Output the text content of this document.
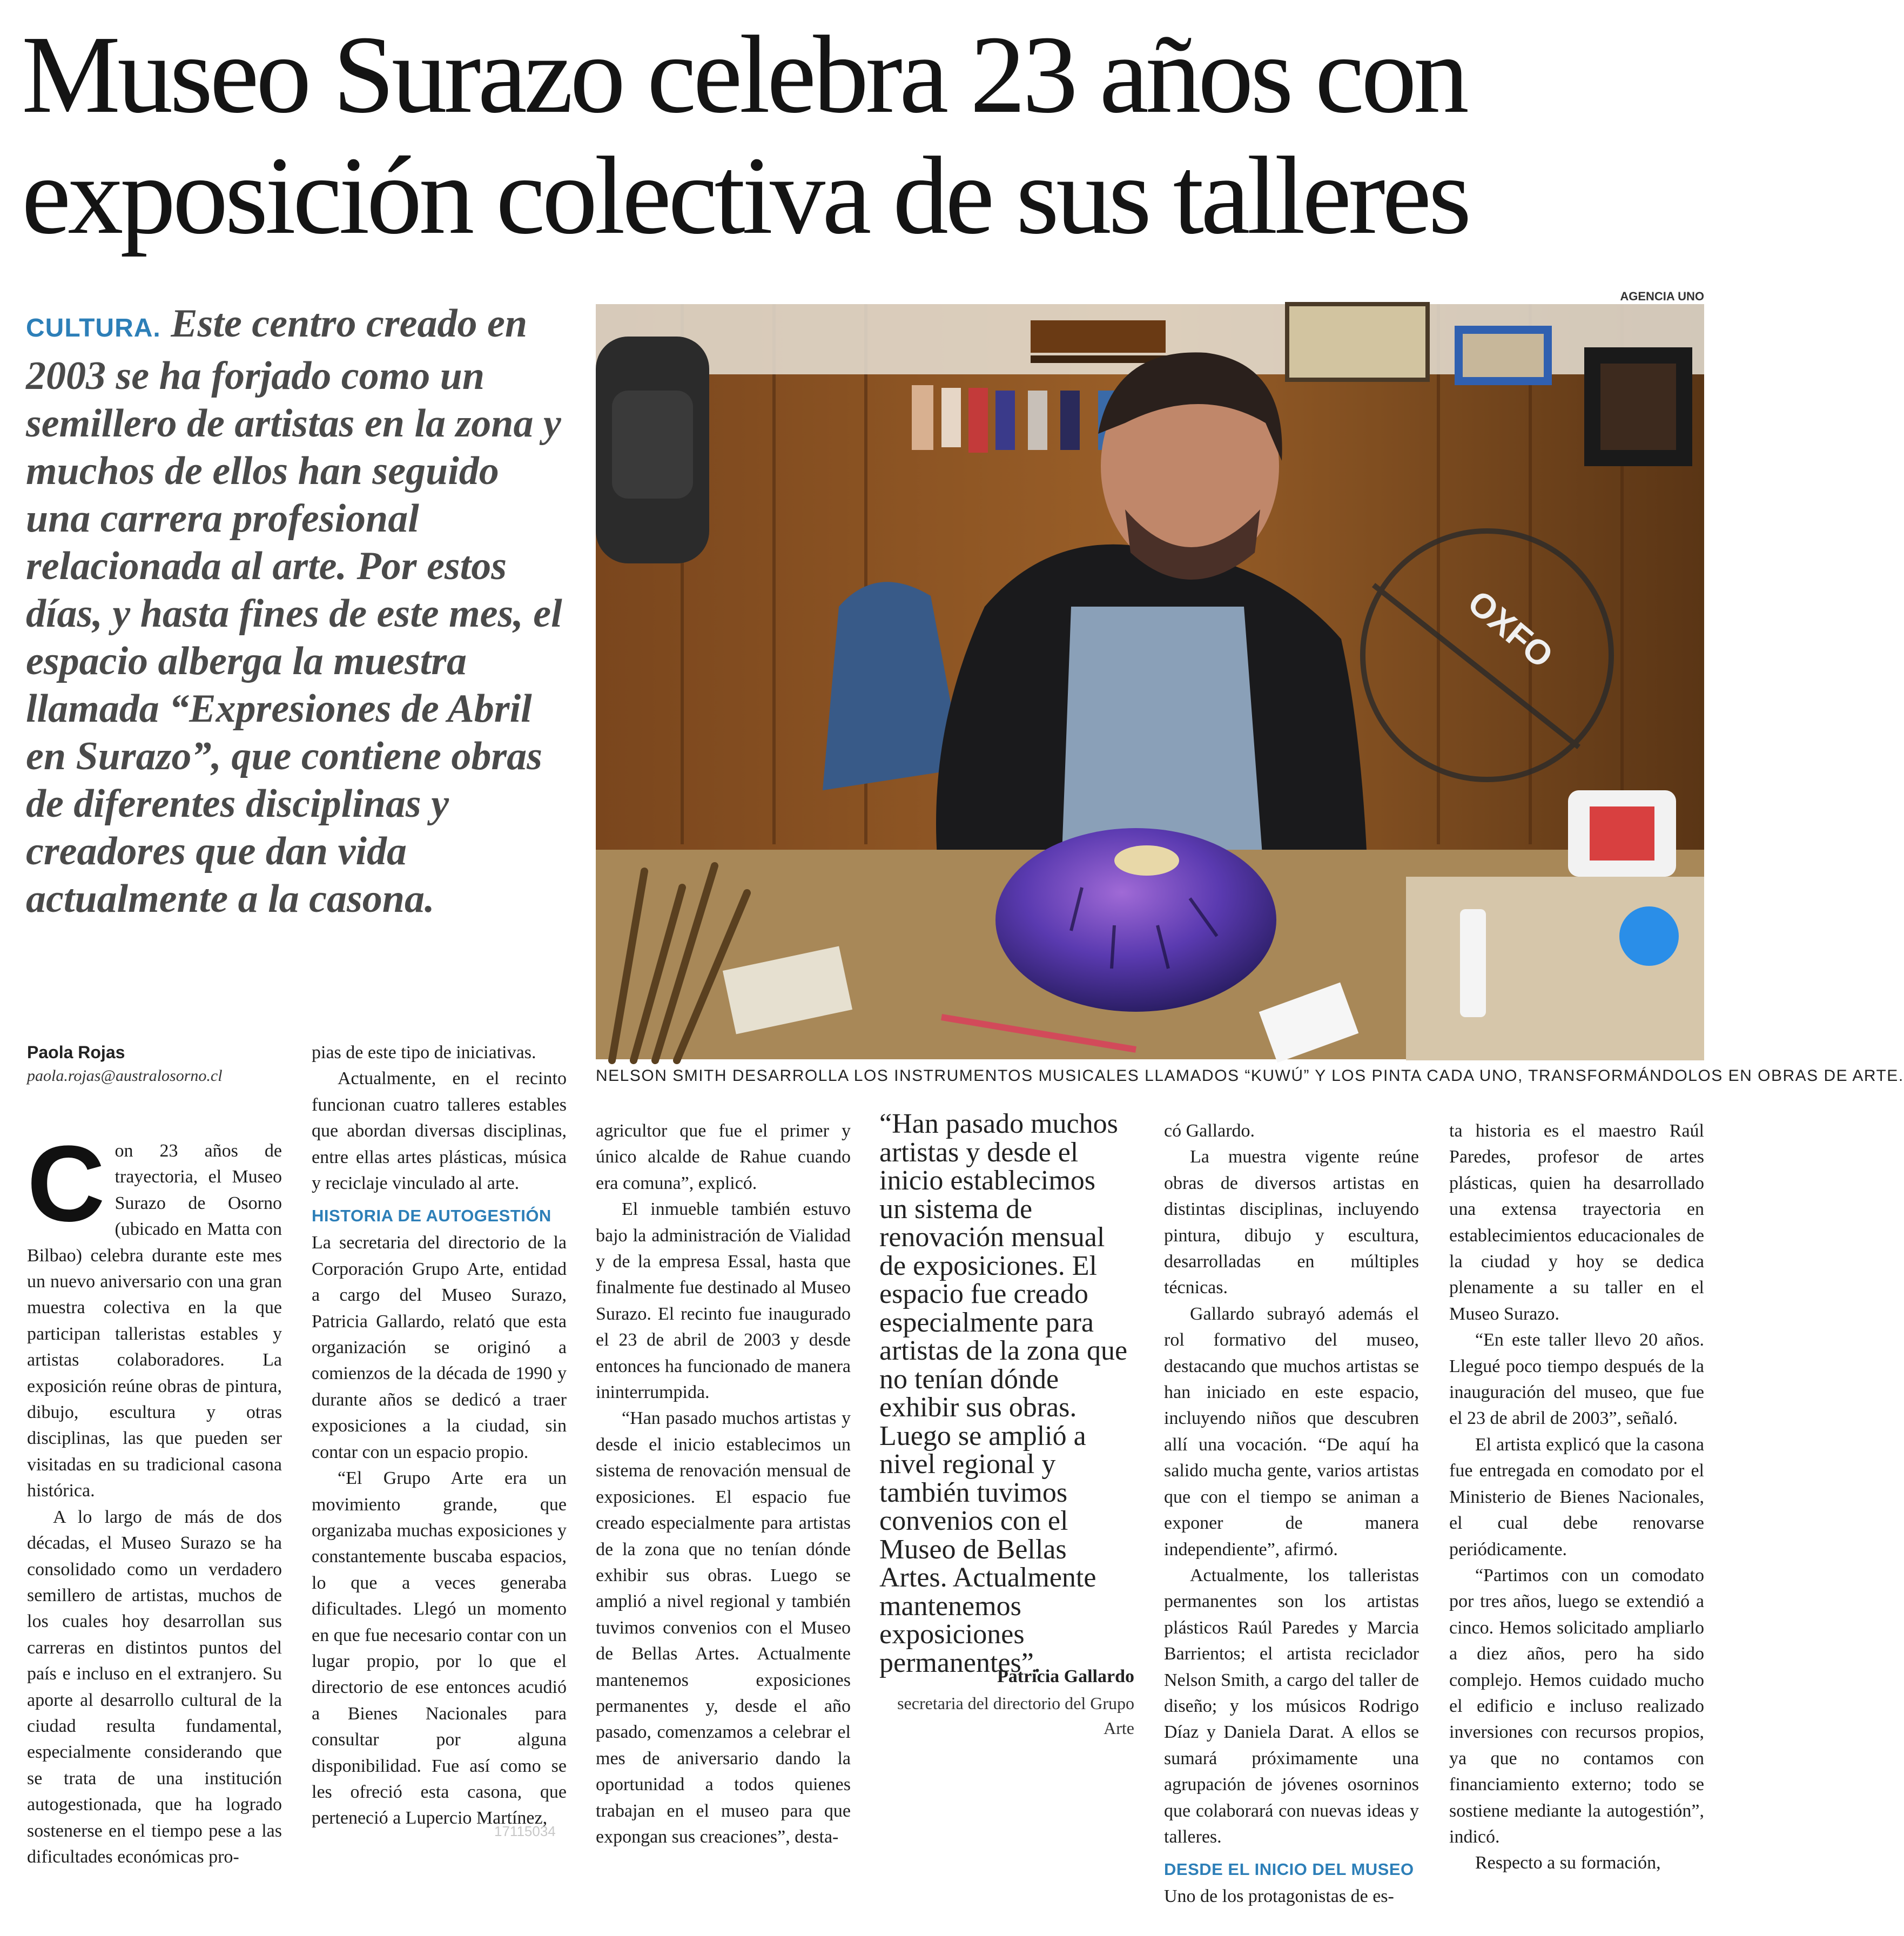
Museo Surazo celebra 23 años con
exposición colectiva de sus talleres
CULTURA. Este centro creado en 2003 se ha forjado como un semillero de artistas en la zona y muchos de ellos han seguido una carrera profesional relacionada al arte. Por estos días, y hasta fines de este mes, el espacio alberga la muestra llamada “Expresiones de Abril en Surazo”, que contiene obras de diferentes disciplinas y creadores que dan vida actualmente a la casona.
AGENCIA UNO
OXFO
NELSON SMITH DESARROLLA LOS INSTRUMENTOS MUSICALES LLAMADOS “KUWÚ” Y LOS PINTA CADA UNO, TRANSFORMÁNDOLOS EN OBRAS DE ARTE.
Paola Rojas
paola.rojas@australosorno.cl
C on 23 años de trayectoria, el Museo Surazo de Osorno (ubicado en Matta con Bilbao) celebra durante este mes un nuevo aniversario con una gran muestra colectiva en la que participan talleristas estables y artistas colaboradores. La exposición reúne obras de pintura, dibujo, escultura y otras disciplinas, las que pueden ser visitadas en su tradicional casona histórica.

A lo largo de más de dos décadas, el Museo Surazo se ha consolidado como un verdadero semillero de artistas, muchos de los cuales hoy desarrollan sus carreras en distintos puntos del país e incluso en el extranjero. Su aporte al desarrollo cultural de la ciudad resulta fundamental, especialmente considerando que se trata de una institución autogestionada, que ha logrado sostenerse en el tiempo pese a las dificultades económicas pro-

pias de este tipo de iniciativas.

Actualmente, en el recinto funcionan cuatro talleres estables que abordan diversas disciplinas, entre ellas artes plásticas, música y reciclaje vinculado al arte.

HISTORIA DE AUTOGESTIÓN

La secretaria del directorio de la Corporación Grupo Arte, entidad a cargo del Museo Surazo, Patricia Gallardo, relató que esta organización se originó a comienzos de la década de 1990 y durante años se dedicó a traer exposiciones a la ciudad, sin contar con un espacio propio.

“El Grupo Arte era un movimiento grande, que organizaba muchas exposiciones y constantemente buscaba espacios, lo que a veces generaba dificultades. Llegó un momento en que fue necesario contar con un lugar propio, por lo que el directorio de ese entonces acudió a Bienes Nacionales para consultar por alguna disponibilidad. Fue así como se les ofreció esta casona, que perteneció a Lupercio Martínez,

agricultor que fue el primer y único alcalde de Rahue cuando era comuna”, explicó.

El inmueble también estuvo bajo la administración de Vialidad y de la empresa Essal, hasta que finalmente fue destinado al Museo Surazo. El recinto fue inaugurado el 23 de abril de 2003 y desde entonces ha funcionado de manera ininterrumpida.

“Han pasado muchos artistas y desde el inicio establecimos un sistema de renovación mensual de exposiciones. El espacio fue creado especialmente para artistas de la zona que no tenían dónde exhibir sus obras. Luego se amplió a nivel regional y también tuvimos convenios con el Museo de Bellas Artes. Actualmente mantenemos exposiciones permanentes y, desde el año pasado, comenzamos a celebrar el mes de aniversario dando la oportunidad a todos quienes trabajan en el museo para que expongan sus creaciones”, desta-

“Han pasado muchos artistas y desde el inicio establecimos un sistema de renovación mensual de exposiciones. El espacio fue creado especialmente para artistas de la zona que no tenían dónde exhibir sus obras. Luego se amplió a nivel regional y también tuvimos convenios con el Museo de Bellas Artes. Actualmente mantenemos exposiciones permanentes”.
Patricia Gallardo
secretaria del directorio del Grupo Arte

có Gallardo.

La muestra vigente reúne obras de diversos artistas en distintas disciplinas, incluyendo pintura, dibujo y escultura, desarrolladas en múltiples técnicas.

Gallardo subrayó además el rol formativo del museo, destacando que muchos artistas se han iniciado en este espacio, incluyendo niños que descubren allí una vocación. “De aquí ha salido mucha gente, varios artistas que con el tiempo se animan a exponer de manera independiente”, afirmó.

Actualmente, los talleristas permanentes son los artistas plásticos Raúl Paredes y Marcia Barrientos; el artista reciclador Nelson Smith, a cargo del taller de diseño; y los músicos Rodrigo Díaz y Daniela Darat. A ellos se sumará próximamente una agrupación de jóvenes osorninos que colaborará con nuevas ideas y talleres.

DESDE EL INICIO DEL MUSEO

Uno de los protagonistas de es-

ta historia es el maestro Raúl Paredes, profesor de artes plásticas, quien ha desarrollado una extensa trayectoria en establecimientos educacionales de la ciudad y hoy se dedica plenamente a su taller en el Museo Surazo.

“En este taller llevo 20 años. Llegué poco tiempo después de la inauguración del museo, que fue el 23 de abril de 2003”, señaló.

El artista explicó que la casona fue entregada en comodato por el Ministerio de Bienes Nacionales, el cual debe renovarse periódicamente.

“Partimos con un comodato por tres años, luego se extendió a cinco. Hemos solicitado ampliarlo a diez años, pero ha sido complejo. Hemos cuidado mucho el edificio e incluso realizado inversiones con recursos propios, ya que no contamos con financiamiento externo; todo se sostiene mediante la autogestión”, indicó.

Respecto a su formación,

17115034
